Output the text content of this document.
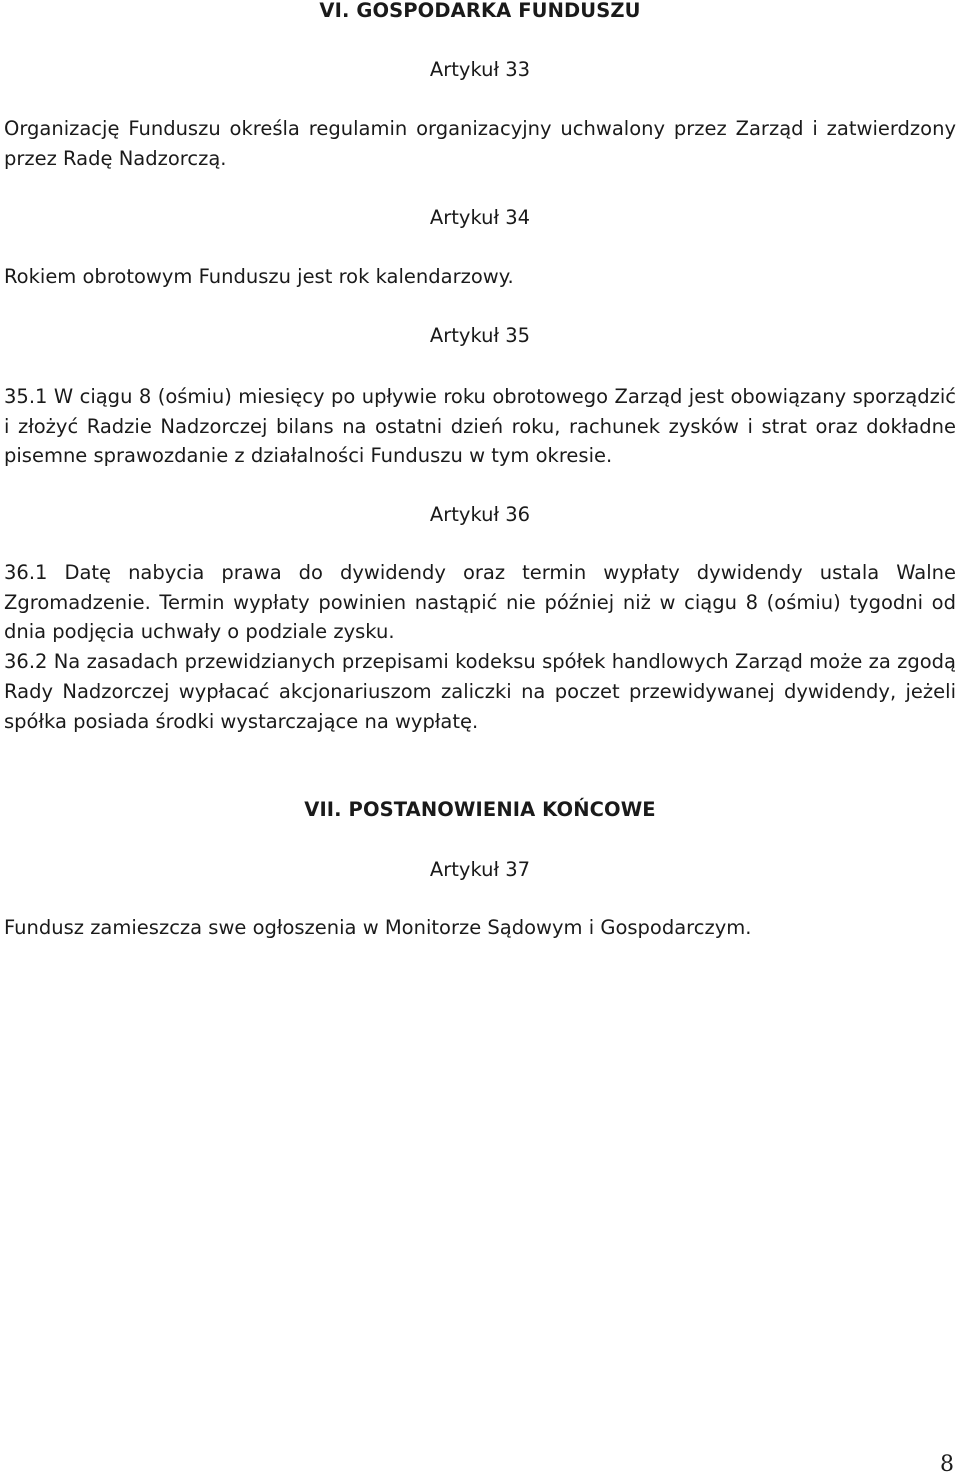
VI. GOSPODARKA FUNDUSZU
Artykuł 33

Organizację Funduszu określa regulamin organizacyjny uchwalony przez Zarząd i zatwierdzony przez Radę Nadzorczą.

Artykuł 34

Rokiem obrotowym Funduszu jest rok kalendarzowy.

Artykuł 35

35.1 W ciągu 8 (ośmiu) miesięcy po upływie roku obrotowego Zarząd jest obowiązany sporządzić i złożyć Radzie Nadzorczej bilans na ostatni dzień roku, rachunek zysków i strat oraz dokładne pisemne sprawozdanie z działalności Funduszu w tym okresie.

Artykuł 36

36.1 Datę nabycia prawa do dywidendy oraz termin wypłaty dywidendy ustala Walne Zgromadzenie. Termin wypłaty powinien nastąpić nie później niż w ciągu 8 (ośmiu) tygodni od dnia podjęcia uchwały o podziale zysku.

36.2 Na zasadach przewidzianych przepisami kodeksu spółek handlowych Zarząd może za zgodą Rady Nadzorczej wypłacać akcjonariuszom zaliczki na poczet przewidywanej dywidendy, jeżeli spółka posiada środki wystarczające na wypłatę.

VII. POSTANOWIENIA KOŃCOWE
Artykuł 37

Fundusz zamieszcza swe ogłoszenia w Monitorze Sądowym i Gospodarczym.

8
